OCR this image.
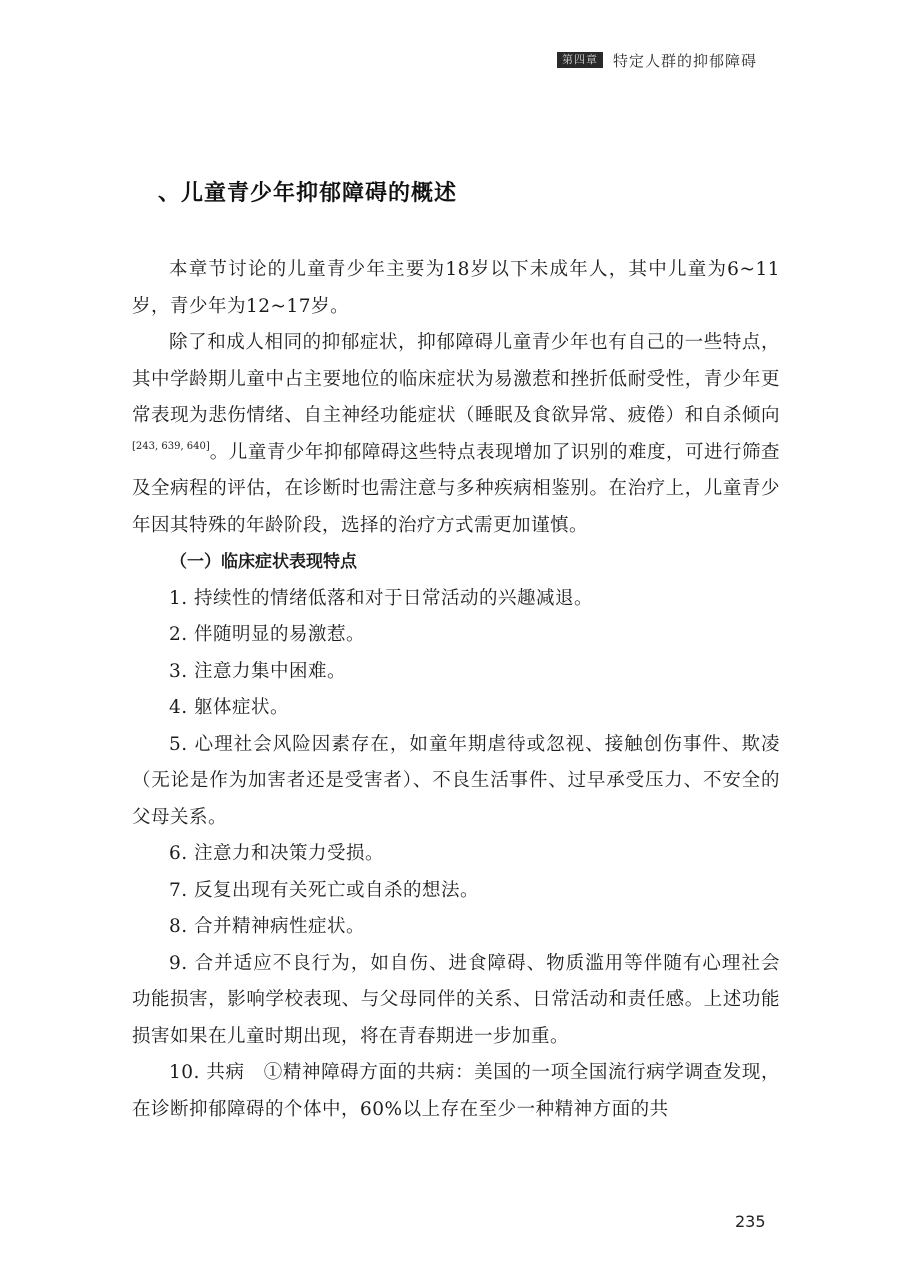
第四章	特定人群的抑郁障碍
、儿童青少年抑郁障碍的概述

本章节讨论的儿童青少年主要为18岁以下未成年人，其中儿童为6~11岁，青少年为12~17岁。

除了和成人相同的抑郁症状，抑郁障碍儿童青少年也有自己的一些特点，其中学龄期儿童中占主要地位的临床症状为易激惹和挫折低耐受性，青少年更常表现为悲伤情绪、自主神经功能症状（睡眠及食欲异常、疲倦）和自杀倾向[243, 639, 640]。儿童青少年抑郁障碍这些特点表现增加了识别的难度，可进行筛查及全病程的评估，在诊断时也需注意与多种疾病相鉴别。在治疗上，儿童青少年因其特殊的年龄阶段，选择的治疗方式需更加谨慎。

（一）临床症状表现特点

1. 持续性的情绪低落和对于日常活动的兴趣减退。

2. 伴随明显的易激惹。

3. 注意力集中困难。

4. 躯体症状。

5. 心理社会风险因素存在，如童年期虐待或忽视、接触创伤事件、欺凌（无论是作为加害者还是受害者）、不良生活事件、过早承受压力、不安全的父母关系。

6. 注意力和决策力受损。

7. 反复出现有关死亡或自杀的想法。

8. 合并精神病性症状。

9. 合并适应不良行为，如自伤、进食障碍、物质滥用等伴随有心理社会功能损害，影响学校表现、与父母同伴的关系、日常活动和责任感。上述功能损害如果在儿童时期出现，将在青春期进一步加重。

10. 共病　①精神障碍方面的共病：美国的一项全国流行病学调查发现，在诊断抑郁障碍的个体中，60%以上存在至少一种精神方面的共

235
